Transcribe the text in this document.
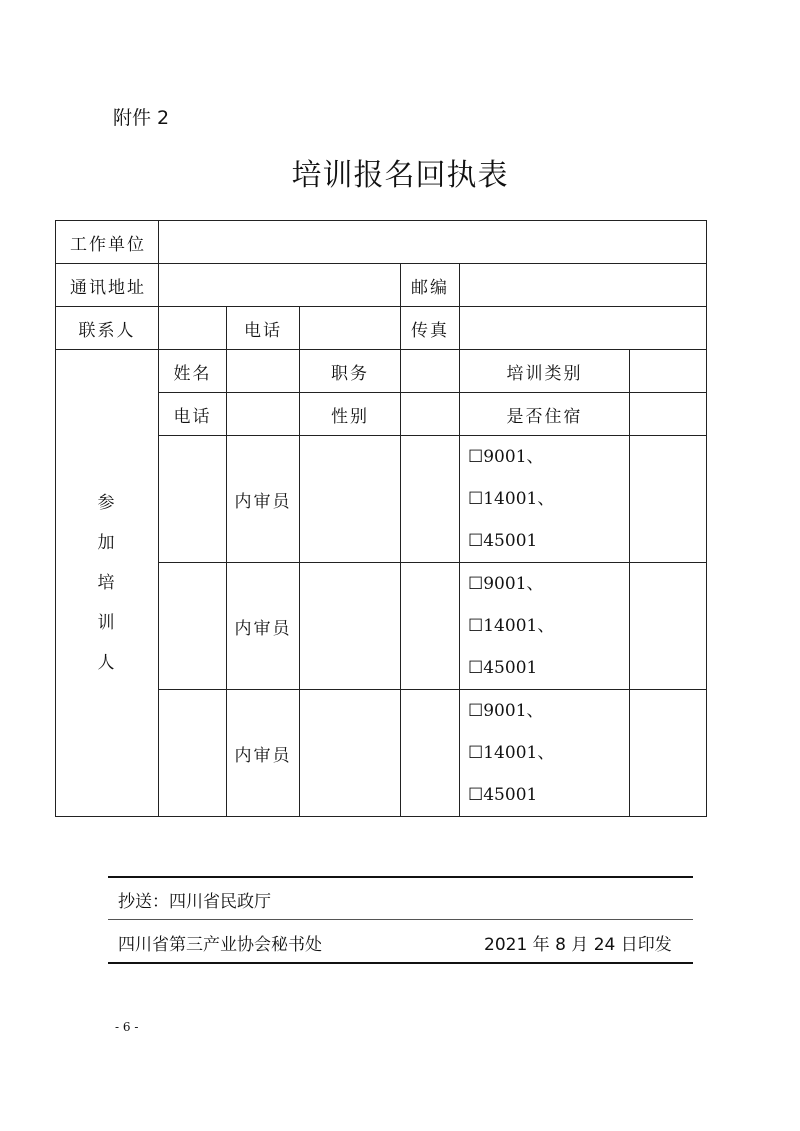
附件 2
培训报名回执表
工作单位						
通讯地址				邮编		
联系人		电话		传真		
参
加
培
训
人	姓名		职务		培训类别	
	电话		性别		是否住宿	
		内审员			☐9001、☐14001、
☐45001	

		内审员			☐9001、☐14001、
☐45001	

		内审员			☐9001、☐14001、
☐45001	

抄送：四川省民政厅
四川省第三产业协会秘书处	2021 年 8 月 24 日印发
- 6 -
